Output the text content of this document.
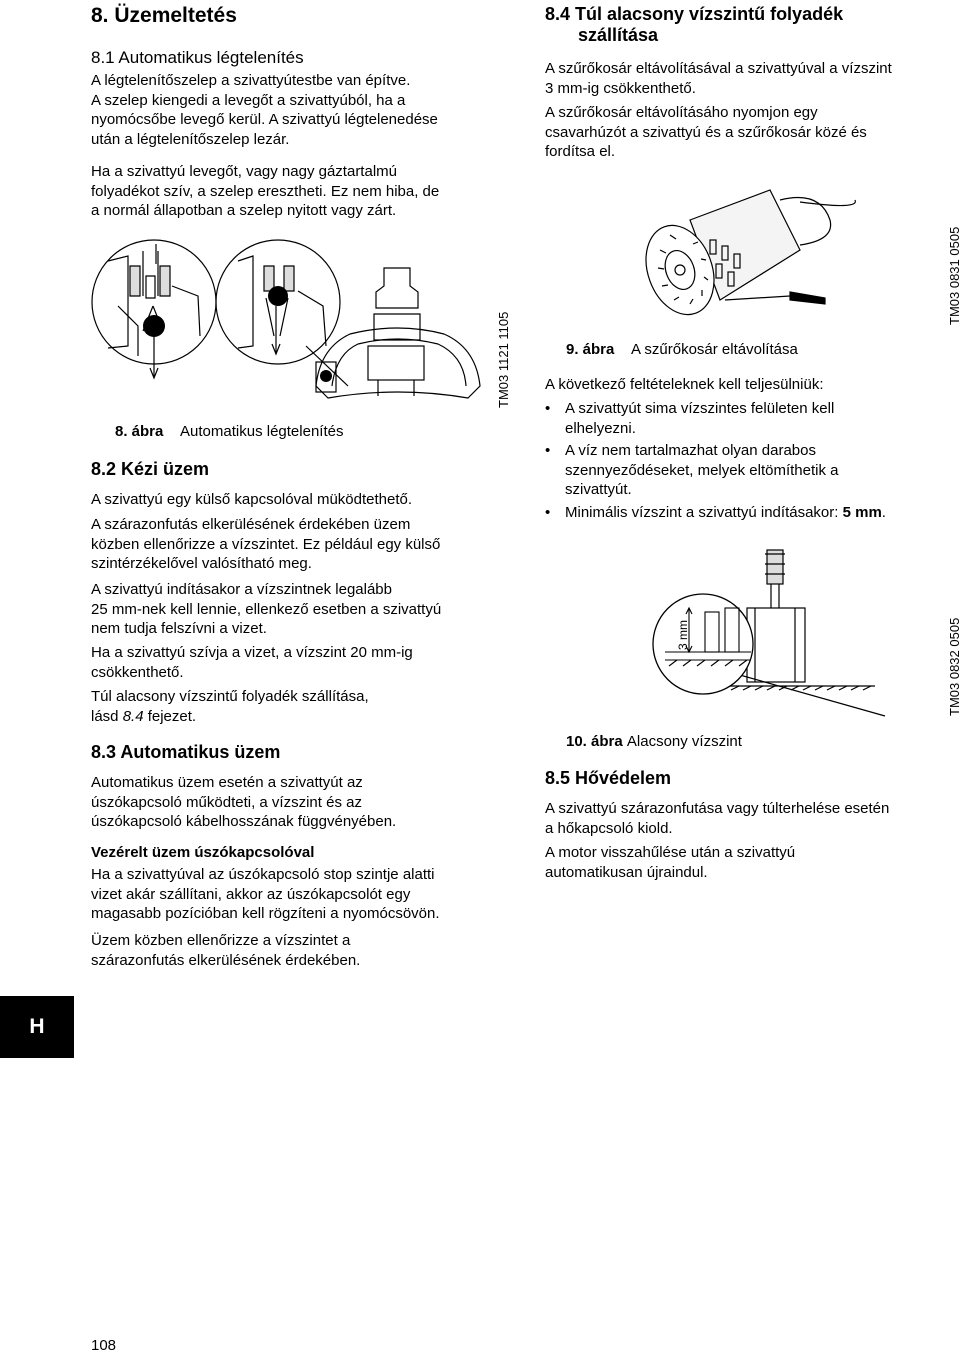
8. Üzemeltetés
8.1 Automatikus légtelenítés
A légtelenítőszelep a szivattyútestbe van építve.
A szelep kiengedi a levegőt a szivattyúból, ha a
nyomócsőbe levegő kerül. A szivattyú légtelenedése
után a légtelenítőszelep lezár.
Ha a szivattyú levegőt, vagy nagy gáztartalmú
folyadékot szív, a szelep eresztheti. Ez nem hiba, de
a normál állapotban a szelep nyitott vagy zárt.
TM03 1121 1105
8. ábra Automatikus légtelenítés
8.2 Kézi üzem
A szivattyú egy külső kapcsolóval müködtethető.
A szárazonfutás elkerülésének érdekében üzem
közben ellenőrizze a vízszintet. Ez például egy külső
szintérzékelővel valósítható meg.
A szivattyú indításakor a vízszintnek legalább
25 mm-nek kell lennie, ellenkező esetben a szivattyú
nem tudja felszívni a vizet.
Ha a szivattyú szívja a vizet, a vízszint 20 mm-ig
csökkenthető.
Túl alacsony vízszintű folyadék szállítása,
lásd 8.4 fejezet.
8.3 Automatikus üzem
Automatikus üzem esetén a szivattyút az
úszókapcsoló működteti, a vízszint és az
úszókapcsoló kábelhosszának függvényében.
Vezérelt üzem úszókapcsolóval
Ha a szivattyúval az úszókapcsoló stop szintje alatti
vizet akár szállítani, akkor az úszókapcsolót egy
magasabb pozícióban kell rögzíteni a nyomócsövön.
Üzem közben ellenőrizze a vízszintet a
szárazonfutás elkerülésének érdekében.
8.4 Túl alacsony vízszintű folyadék
szállítása
A szűrőkosár eltávolításával a szivattyúval a vízszint
3 mm-ig csökkenthető.
A szűrőkosár eltávolításáho nyomjon egy
csavarhúzót a szivattyú és a szűrőkosár közé és
fordítsa el.
TM03 0831 0505
9. ábra A szűrőkosár eltávolítása
A következő feltételeknek kell teljesülniük:
• A szivattyút sima vízszintes felületen kell
elhelyezni.
• A víz nem tartalmazhat olyan darabos
szennyeződéseket, melyek eltömíthetik a
szivattyút.
• Minimális vízszint a szivattyú indításakor: 5 mm.
3 mm	TM03 0832 0505
10. ábra Alacsony vízszint
8.5 Hővédelem
A szivattyú szárazonfutása vagy túlterhelése esetén
a hőkapcsoló kiold.
A motor visszahűlése után a szivattyú
automatikusan újraindul.
H
108
